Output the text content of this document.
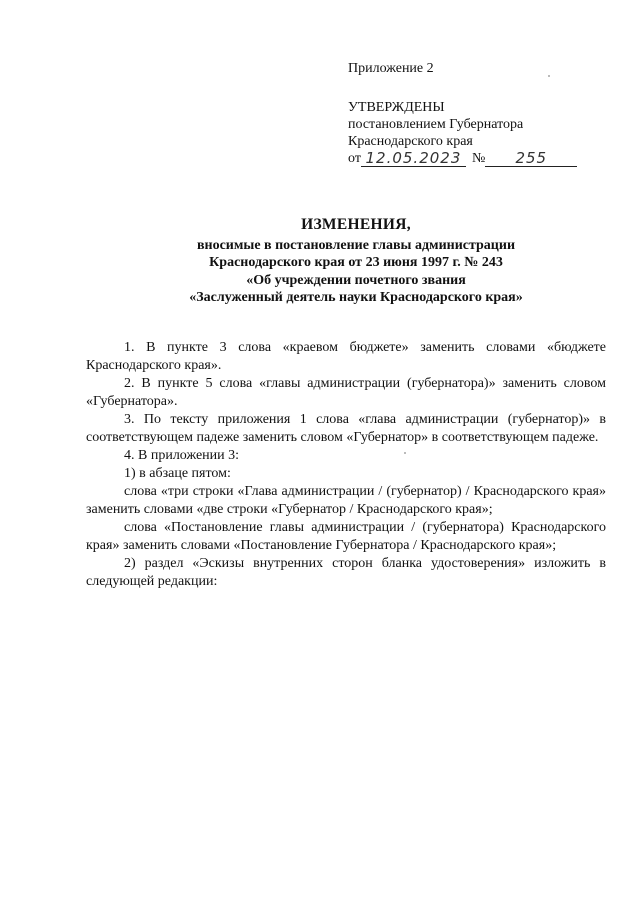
Приложение 2
УТВЕРЖДЕНЫ
постановлением Губернатора
Краснодарского края
от 12.05.2023 №	255
ИЗМЕНЕНИЯ,
вносимые в постановление главы администрации
Краснодарского края от 23 июня 1997 г. № 243
«Об учреждении почетного звания
«Заслуженный деятель науки Краснодарского края»

1. В пункте 3 слова «краевом бюджете» заменить словами «бюджете Краснодарского края».

2. В пункте 5 слова «главы администрации (губернатора)» заменить словом «Губернатора».

3. По тексту приложения 1 слова «глава администрации (губернатор)» в соответствующем падеже заменить словом «Губернатор» в соответствующем падеже.

4. В приложении 3:

1) в абзаце пятом:

слова «три строки «Глава администрации / (губернатор) / Краснодарского края» заменить словами «две строки «Губернатор / Краснодарского края»;

слова «Постановление главы администрации / (губернатора) Краснодарского края» заменить словами «Постановление Губернатора / Краснодарского края»;

2) раздел «Эскизы внутренних сторон бланка удостоверения» изложить в следующей редакции:
